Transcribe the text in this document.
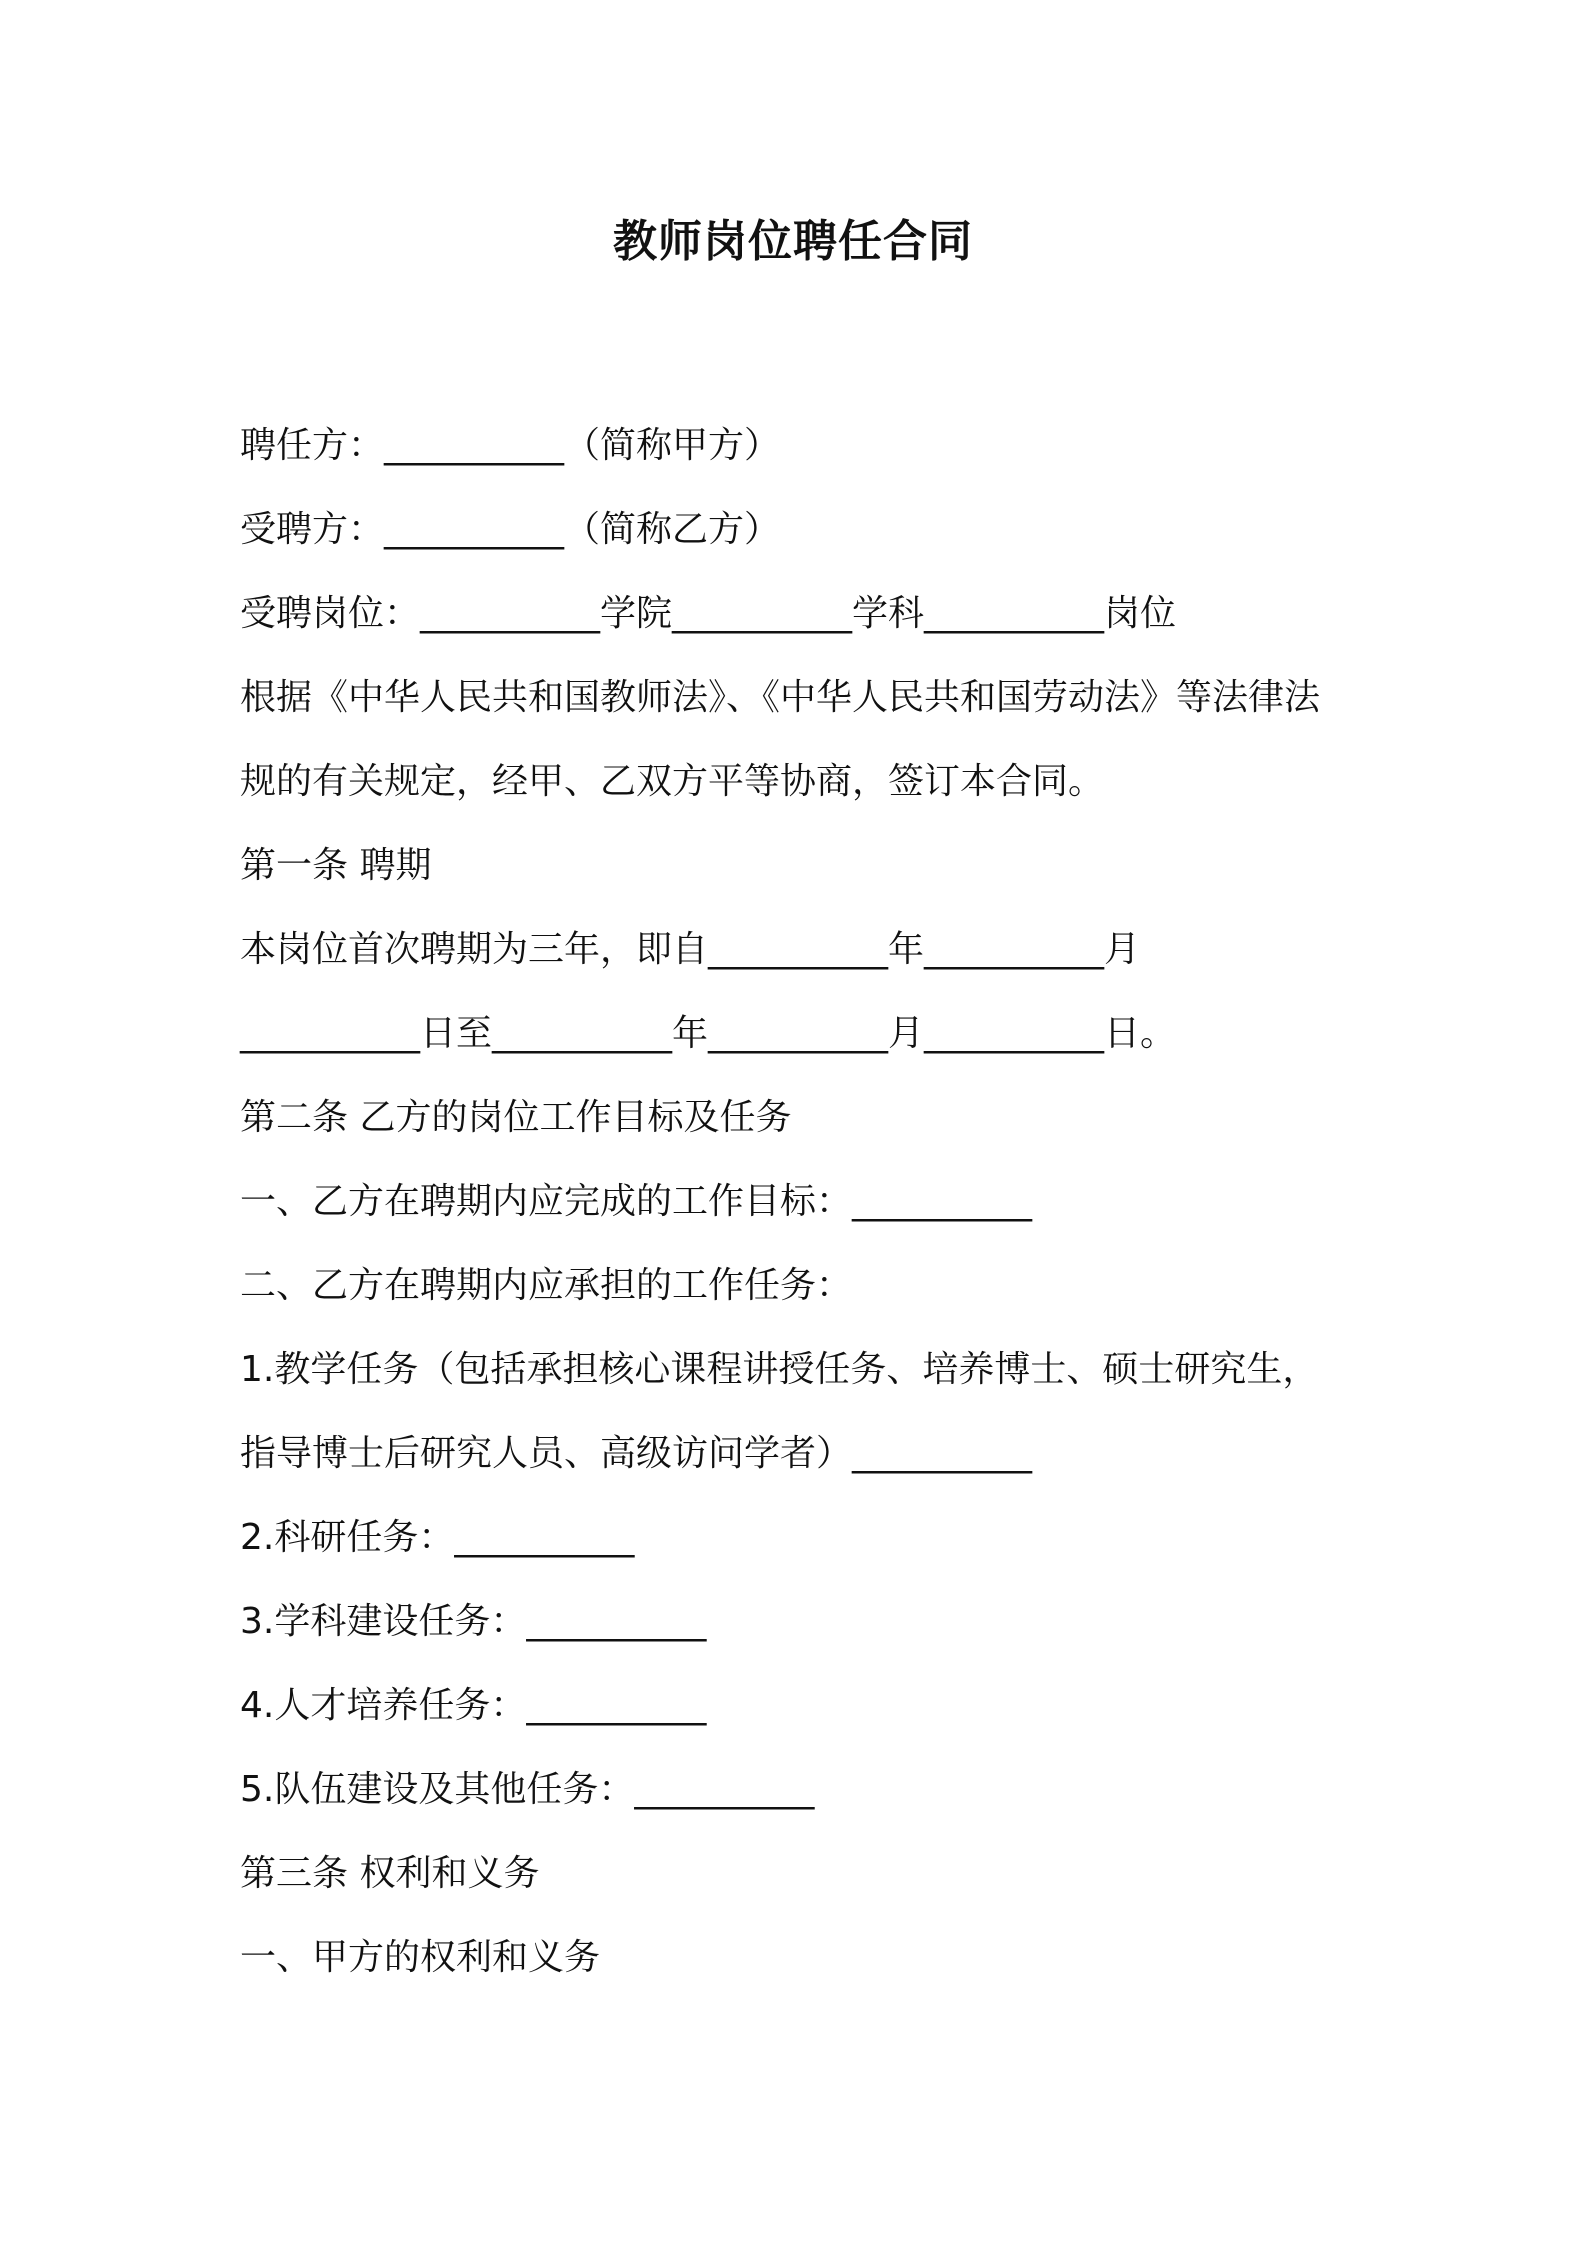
教师岗位聘任合同
聘任方：__________（简称甲方）
受聘方：__________（简称乙方）
受聘岗位：__________学院__________学科__________岗位
根据《中华人民共和国教师法》、《中华人民共和国劳动法》等法律法
规的有关规定，经甲、乙双方平等协商，签订本合同。
第一条 聘期
本岗位首次聘期为三年，即自__________年__________月
__________日至__________年__________月__________日。
第二条 乙方的岗位工作目标及任务
一、乙方在聘期内应完成的工作目标：__________
二、乙方在聘期内应承担的工作任务：
1.教学任务（包括承担核心课程讲授任务、培养博士、硕士研究生，
指导博士后研究人员、高级访问学者）__________
2.科研任务：__________
3.学科建设任务：__________
4.人才培养任务：__________
5.队伍建设及其他任务：__________
第三条 权利和义务
一、甲方的权利和义务
